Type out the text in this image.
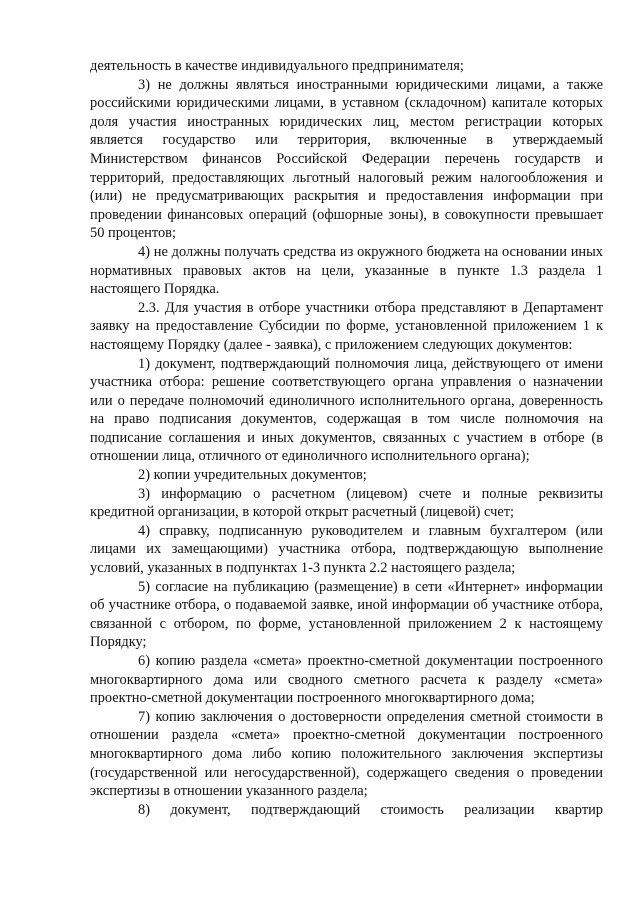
деятельность в качестве индивидуального предпринимателя;

3) не должны являться иностранными юридическими лицами, а также российскими юридическими лицами, в уставном (складочном) капитале которых доля участия иностранных юридических лиц, местом регистрации которых является государство или территория, включенные в утверждаемый Министерством финансов Российской Федерации перечень государств и территорий, предоставляющих льготный налоговый режим налогообложения и (или) не предусматривающих раскрытия и предоставления информации при проведении финансовых операций (офшорные зоны), в совокупности превышает 50 процентов;

4) не должны получать средства из окружного бюджета на основании иных нормативных правовых актов на цели, указанные в пункте 1.3 раздела 1 настоящего Порядка.

2.3. Для участия в отборе участники отбора представляют в Департамент заявку на предоставление Субсидии по форме, установленной приложением 1 к настоящему Порядку (далее - заявка), с приложением следующих документов:

1) документ, подтверждающий полномочия лица, действующего от имени участника отбора: решение соответствующего органа управления о назначении или о передаче полномочий единоличного исполнительного органа, доверенность на право подписания документов, содержащая в том числе полномочия на подписание соглашения и иных документов, связанных с участием в отборе (в отношении лица, отличного от единоличного исполнительного органа);

2) копии учредительных документов;

3) информацию о расчетном (лицевом) счете и полные реквизиты кредитной организации, в которой открыт расчетный (лицевой) счет;

4) справку, подписанную руководителем и главным бухгалтером (или лицами их замещающими) участника отбора, подтверждающую выполнение условий, указанных в подпунктах 1-3 пункта 2.2 настоящего раздела;

5) согласие на публикацию (размещение) в сети «Интернет» информации об участнике отбора, о подаваемой заявке, иной информации об участнике отбора, связанной с отбором, по форме, установленной приложением 2 к настоящему Порядку;

6) копию раздела «смета» проектно-сметной документации построенного многоквартирного дома или сводного сметного расчета к разделу «смета» проектно-сметной документации построенного многоквартирного дома;

7) копию заключения о достоверности определения сметной стоимости в отношении раздела «смета» проектно-сметной документации построенного многоквартирного дома либо копию положительного заключения экспертизы (государственной или негосударственной), содержащего сведения о проведении экспертизы в отношении указанного раздела;

8) документ, подтверждающий стоимость реализации квартир
